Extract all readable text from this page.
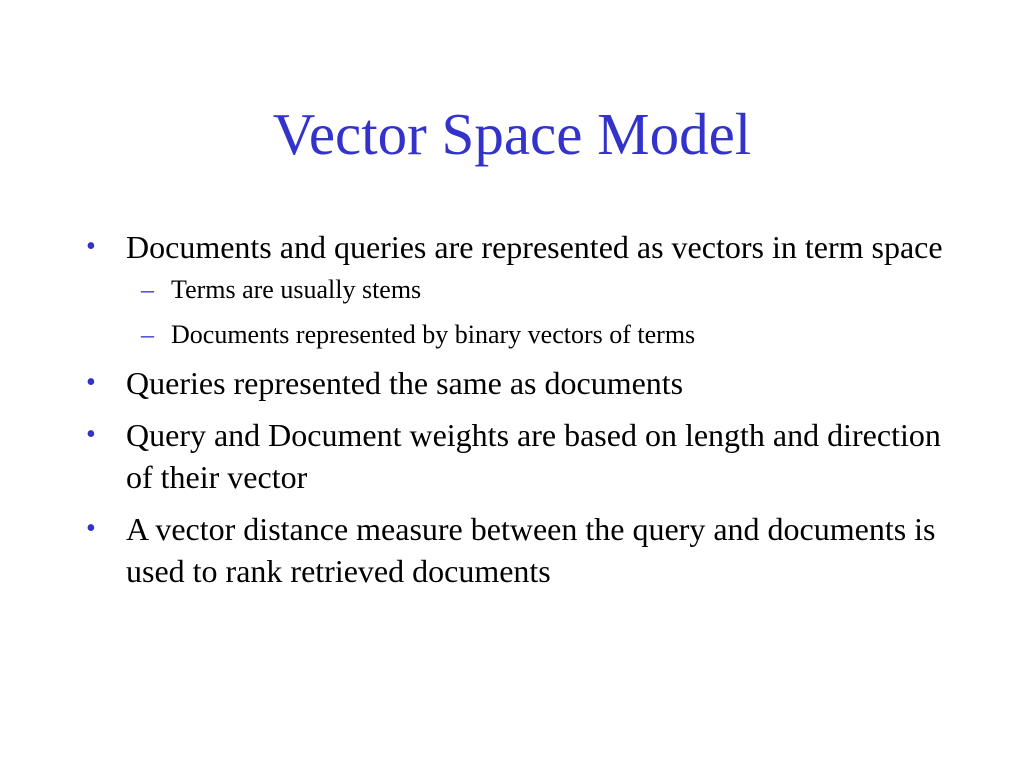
Vector Space Model
• Documents and queries are represented as vectors in term space
– Terms are usually stems
– Documents represented by binary vectors of terms
• Queries represented the same as documents
• Query and Document weights are based on length and direction of their vector
• A vector distance measure between the query and documents is used to rank retrieved documents
